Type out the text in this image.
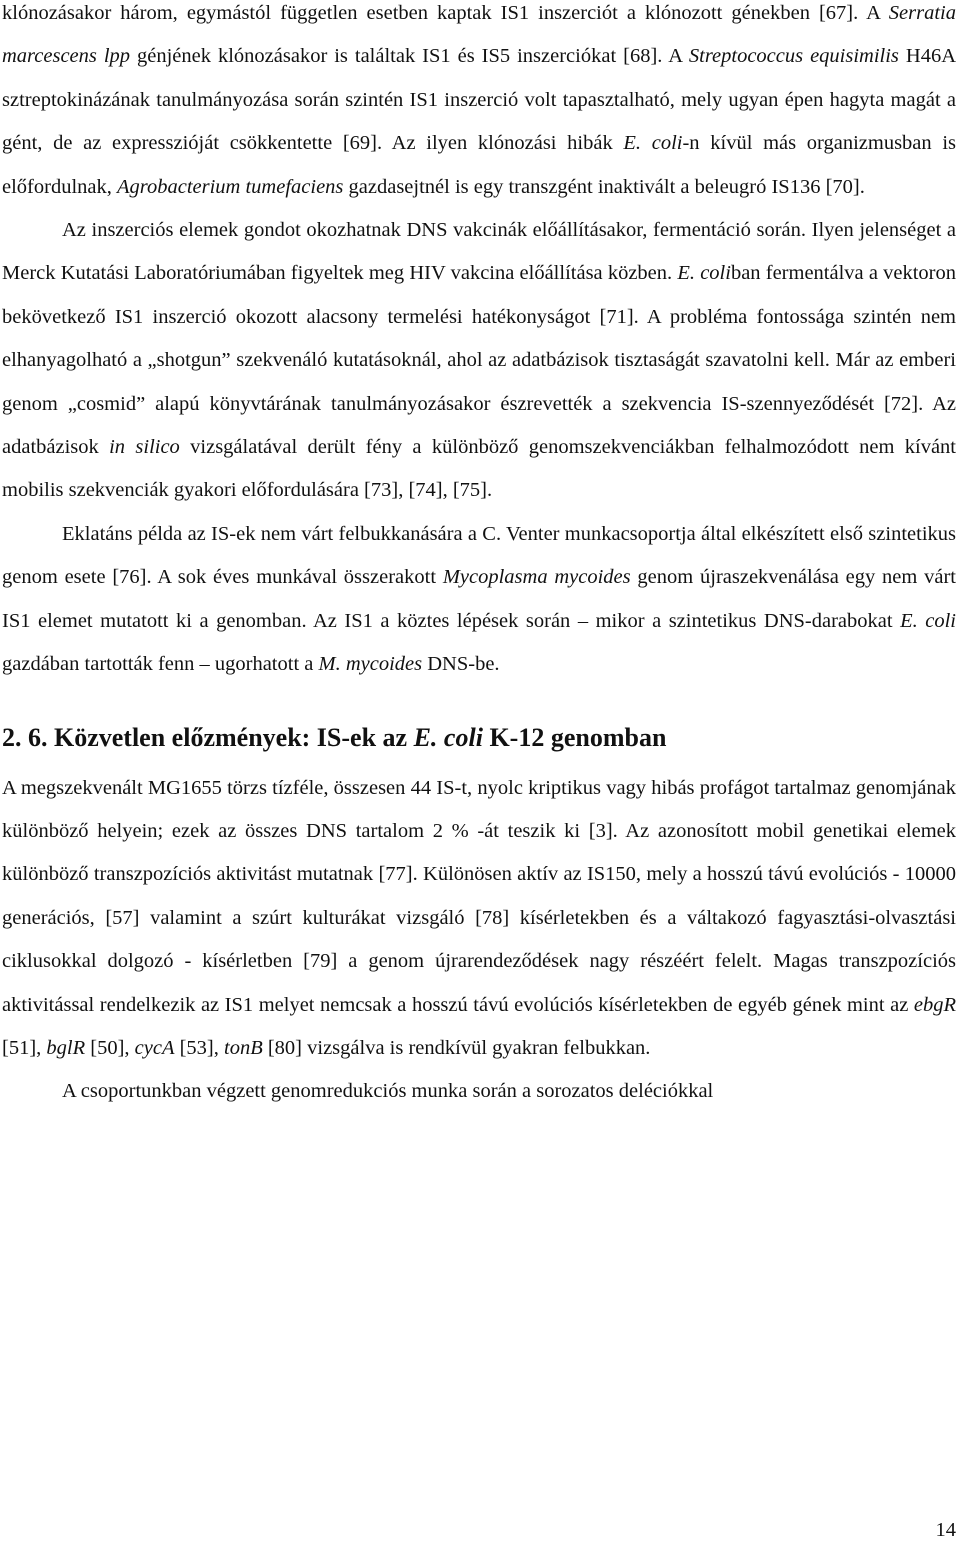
klónozásakor három, egymástól független esetben kaptak IS1 inszerciót a klónozott génekben [67]. A Serratia marcescens lpp génjének klónozásakor is találtak IS1 és IS5 inszerciókat [68]. A Streptococcus equisimilis H46A sztreptokinázának tanulmányozása során szintén IS1 inszerció volt tapasztalható, mely ugyan épen hagyta magát a gént, de az expresszióját csökkentette [69]. Az ilyen klónozási hibák E. coli-n kívül más organizmusban is előfordulnak, Agrobacterium tumefaciens gazdasejtnél is egy transzgént inaktivált a beleugró IS136 [70].

Az inszerciós elemek gondot okozhatnak DNS vakcinák előállításakor, fermentáció során. Ilyen jelenséget a Merck Kutatási Laboratóriumában figyeltek meg HIV vakcina előállítása közben. E. coliban fermentálva a vektoron bekövetkező IS1 inszerció okozott alacsony termelési hatékonyságot [71]. A probléma fontossága szintén nem elhanyagolható a „shotgun” szekvenáló kutatásoknál, ahol az adatbázisok tisztaságát szavatolni kell. Már az emberi genom „cosmid” alapú könyvtárának tanulmányozásakor észrevették a szekvencia IS-szennyeződését [72]. Az adatbázisok in silico vizsgálatával derült fény a különböző genomszekvenciákban felhalmozódott nem kívánt mobilis szekvenciák gyakori előfordulására [73], [74], [75].

Eklatáns példa az IS-ek nem várt felbukkanására a C. Venter munkacsoportja által elkészített első szintetikus genom esete [76]. A sok éves munkával összerakott Mycoplasma mycoides genom újraszekvenálása egy nem várt IS1 elemet mutatott ki a genomban. Az IS1 a köztes lépések során – mikor a szintetikus DNS-darabokat E. coli gazdában tartották fenn – ugorhatott a M. mycoides DNS-be.

2. 6. Közvetlen előzmények: IS-ek az E. coli K-12 genomban

A megszekvenált MG1655 törzs tízféle, összesen 44 IS-t, nyolc kriptikus vagy hibás profágot tartalmaz genomjának különböző helyein; ezek az összes DNS tartalom 2 % -át teszik ki [3]. Az azonosított mobil genetikai elemek különböző transzpozíciós aktivitást mutatnak [77]. Különösen aktív az IS150, mely a hosszú távú evolúciós - 10000 generációs, [57] valamint a szúrt kulturákat vizsgáló [78] kísérletekben és a váltakozó fagyasztási-olvasztási ciklusokkal dolgozó - kísérletben [79] a genom újrarendeződések nagy részéért felelt. Magas transzpozíciós aktivitással rendelkezik az IS1 melyet nemcsak a hosszú távú evolúciós kísérletekben de egyéb gének mint az ebgR [51], bglR [50], cycA [53], tonB [80] vizsgálva is rendkívül gyakran felbukkan.

A csoportunkban végzett genomredukciós munka során a sorozatos deléciókkal

14
